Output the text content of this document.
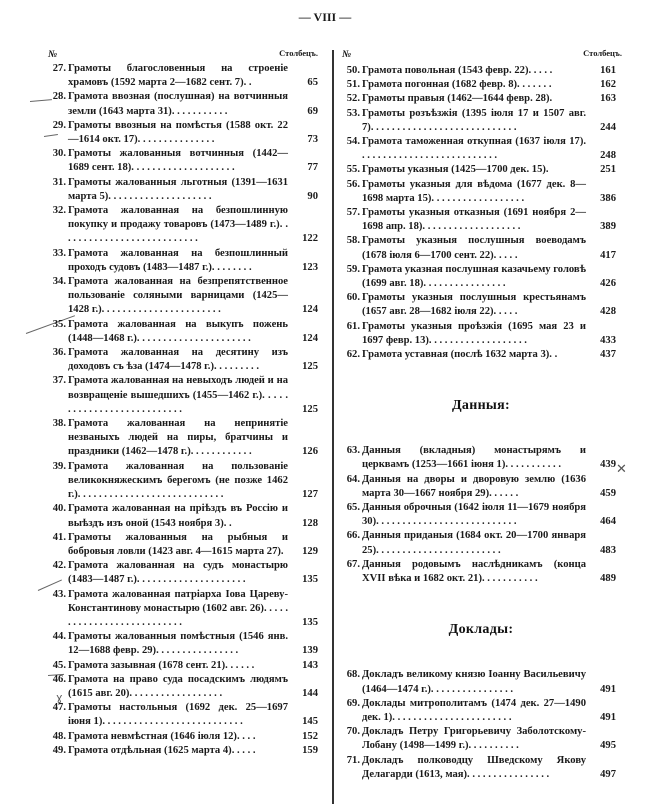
— VIII —
ɣ
✕
№	Столбецъ.
27. Грамоты благословенныя на строеніе храмовъ (1592 марта 2—1682 сент. 7). .	65
28. Грамота ввозная (послушная) на вотчинныя земли (1643 марта 31). . . . . . . . . . .	69
29. Грамоты ввозныя на помѣстья (1588 окт. 22—1614 окт. 17). . . . . . . . . . . . . . .	73
30. Грамоты жалованныя вотчинныя (1442—1689 сент. 18). . . . . . . . . . . . . . . . . . . .	77
31. Грамоты жалованныя льготныя (1391—1631 марта 5). . . . . . . . . . . . . . . . . . . .	90
32. Грамота жалованная на безпошлинную покупку и продажу товаровъ (1473—1489 г.). . . . . . . . . . . . . . . . . . . . . . . . . . .	122
33. Грамота жалованная на безпошлинный проходъ судовъ (1483—1487 г.). . . . . . . .	123
34. Грамота жалованная на безпрепятственное пользованіе соляными варницами (1425—1428 г.). . . . . . . . . . . . . . . . . . . . . . .	124
35. Грамота жалованная на выкупъ пожень (1448—1468 г.). . . . . . . . . . . . . . . . . . . . . .	124
36. Грамота жалованная на десятину изъ доходовъ съ ѣза (1474—1478 г.). . . . . . . . .	125
37. Грамота жалованная на невыходъ людей и на возвращеніе вышедшихъ (1455—1462 г.). . . . . . . . . . . . . . . . . . . . . . . . . . .	125
38. Грамота жалованная на непринятіе незваныхъ людей на пиры, братчины и праздники (1462—1478 г.). . . . . . . . . . . .	126
39. Грамота жалованная на пользованіе великокняжескимъ берегомъ (не позже 1462 г.). . . . . . . . . . . . . . . . . . . . . . . . . . . .	127
40. Грамота жалованная на пріѣздъ въ Россію и выѣздъ изъ оной (1543 ноября 3). .	128
41. Грамоты жалованныя на рыбныя и бобровыя ловли (1423 авг. 4—1615 марта 27).	129
42. Грамота жалованная на судъ монастырю (1483—1487 г.). . . . . . . . . . . . . . . . . . . . .	135
43. Грамота жалованная патріарха Іова Цареву-Константинову монастырю (1602 авг. 26). . . . . . . . . . . . . . . . . . . . . . . . . . .	135
44. Грамоты жалованныя помѣстныя (1546 янв. 12—1688 февр. 29). . . . . . . . . . . . . . . .	139
45. Грамота зазывная (1678 сент. 21). . . . . .	143
46. Грамота на право суда посадскимъ людямъ (1615 авг. 20). . . . . . . . . . . . . . . . . .	144
47. Грамоты настольныя (1692 дек. 25—1697 іюня 1). . . . . . . . . . . . . . . . . . . . . . . . . . .	145
48. Грамота невмѣстная (1646 іюля 12). . . .	152
49. Грамота отдѣльная (1625 марта 4). . . . .	159
№	Столбецъ.
50. Грамота повольная (1543 февр. 22). . . . .	161
51. Грамота погонная (1682 февр. 8). . . . . . .	162
52. Грамоты правыя (1462—1644 февр. 28).	163
53. Грамоты розъѣзжія (1395 іюля 17 и 1507 авг. 7). . . . . . . . . . . . . . . . . . . . . . . . . . . .	244
54. Грамота таможенная откупная (1637 іюля 17). . . . . . . . . . . . . . . . . . . . . . . . . . .	248
55. Грамоты указныя (1425—1700 дек. 15).	251
56. Грамоты указныя для вѣдома (1677 дек. 8—1698 марта 15). . . . . . . . . . . . . . . . . .	386
57. Грамоты указныя отказныя (1691 ноября 2—1698 апр. 18). . . . . . . . . . . . . . . . . . .	389
58. Грамоты указныя послушныя воеводамъ (1678 іюля 6—1700 сент. 22). . . . .	417
59. Грамота указная послушная казачьему головѣ (1699 авг. 18). . . . . . . . . . . . . . . .	426
60. Грамоты указныя послушныя крестьянамъ (1657 авг. 28—1682 іюля 22). . . . .	428
61. Грамоты указныя проѣзжія (1695 мая 23 и 1697 февр. 13). . . . . . . . . . . . . . . . . . .	433
62. Грамота уставная (послѣ 1632 марта 3). .	437
Данныя:
63. Данныя (вкладныя) монастырямъ и церквамъ (1253—1661 іюня 1). . . . . . . . . . .	439
64. Данныя на дворы и дворовую землю (1636 марта 30—1667 ноября 29). . . . . .	459
65. Данныя оброчныя (1642 іюля 11—1679 ноября 30). . . . . . . . . . . . . . . . . . . . . . . . . . .	464
66. Данныя приданыя (1684 окт. 20—1700 января 25). . . . . . . . . . . . . . . . . . . . . . . .	483
67. Данныя родовымъ наслѣдникамъ (конца XVII вѣка и 1682 окт. 21). . . . . . . . . . .	489
Доклады:
68. Докладъ великому князю Іоанну Васильевичу (1464—1474 г.). . . . . . . . . . . . . . . .	491
69. Доклады митрополитамъ (1474 дек. 27—1490 дек. 1). . . . . . . . . . . . . . . . . . . . . . .	491
70. Докладъ Петру Григорьевичу Заболотскому-Лобану (1498—1499 г.). . . . . . . . . .	495
71. Докладъ полководцу Шведскому Якову Делагарди (1613, мая). . . . . . . . . . . . . . . .	497
